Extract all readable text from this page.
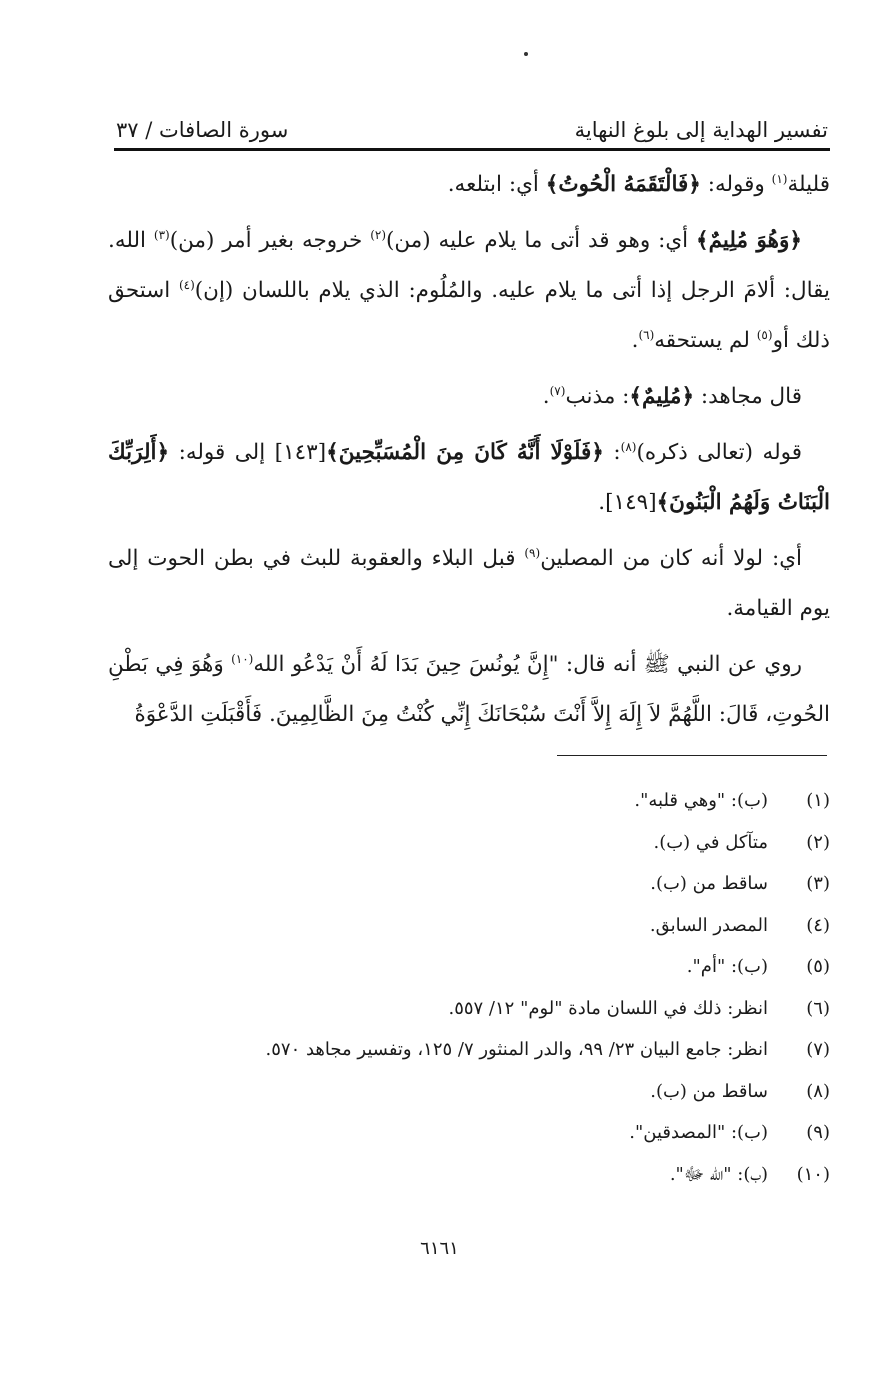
تفسير الهداية إلى بلوغ النهاية
سورة الصافات / ٣٧

قليلة$^{(١)}$ وقوله: ﴿فَالْتَقَمَهُ الْحُوتُ﴾ أي: ابتلعه.

﴿وَهُوَ مُلِيمٌ﴾ أي: وهو قد أتى ما يلام عليه (من)$^{(٢)}$ خروجه بغير أمر (من)$^{(٣)}$ الله. يقال: ألامَ الرجل إذا أتى ما يلام عليه. والمُلُوم: الذي يلام باللسان (إن)$^{(٤)}$ استحق ذلك أو$^{(٥)}$ لم يستحقه$^{(٦)}$.

قال مجاهد: ﴿مُلِيمٌ﴾: مذنب$^{(٧)}$.

قوله (تعالى ذكره)$^{(٨)}$: ﴿فَلَوْلَا أَنَّهُ كَانَ مِنَ الْمُسَبِّحِينَ﴾[١٤٣] إلى قوله: ﴿أَلِرَبِّكَ الْبَنَاتُ وَلَهُمُ الْبَنُونَ﴾[١٤٩].

أي: لولا أنه كان من المصلين$^{(٩)}$ قبل البلاء والعقوبة للبث في بطن الحوت إلى يوم القيامة.

روي عن النبي ﷺ أنه قال: "إِنَّ يُونُسَ حِينَ بَدَا لَهُ أَنْ يَدْعُو الله$^{(١٠)}$ وَهُوَ فِي بَطْنِ الحُوتِ، قَالَ: اللَّهُمَّ لاَ إِلَهَ إِلاَّ أَنْتَ سُبْحَانَكَ إِنِّي كُنْتُ مِنَ الظَّالِمِينَ. فَأَقْبَلَتِ الدَّعْوَةُ

(١)
(ب): "وهي قلبه".
(٢)
متآكل في (ب).
(٣)
ساقط من (ب).
(٤)
المصدر السابق.
(٥)
(ب): "أم".
(٦)
انظر: ذلك في اللسان مادة "لوم" ١٢/ ٥٥٧.
(٧)
انظر: جامع البيان ٢٣/ ٩٩، والدر المنثور ٧/ ١٢٥، وتفسير مجاهد ٥٧٠.
(٨)
ساقط من (ب).
(٩)
(ب): "المصدقين".
(١٠)
(ب): "الله ﷻ".
٦١٦١
